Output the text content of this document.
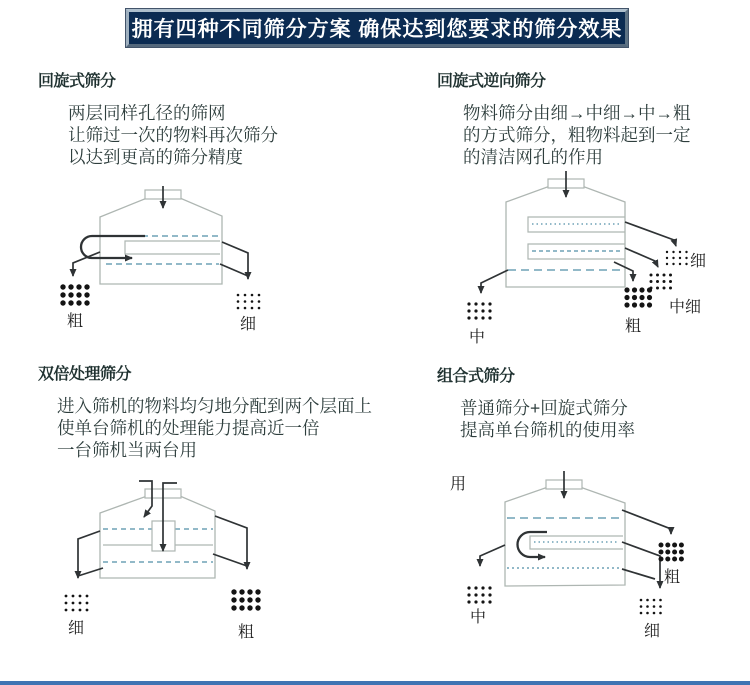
拥有四种不同筛分方案 确保达到您要求的筛分效果
回旋式筛分
两层同样孔径的筛网
让筛过一次的物料再次筛分
以达到更高的筛分精度
回旋式逆向筛分
物料筛分由细→中细→中→粗
的方式筛分，粗物料起到一定
的清洁网孔的作用
双倍处理筛分
进入筛机的物料均匀地分配到两个层面上
使单台筛机的处理能力提高近一倍
一台筛机当两台用
组合式筛分
普通筛分+回旋式筛分
提高单台筛机的使用率
粗	细
细
中细
粗
中
细	粗
用
粗
细
中
